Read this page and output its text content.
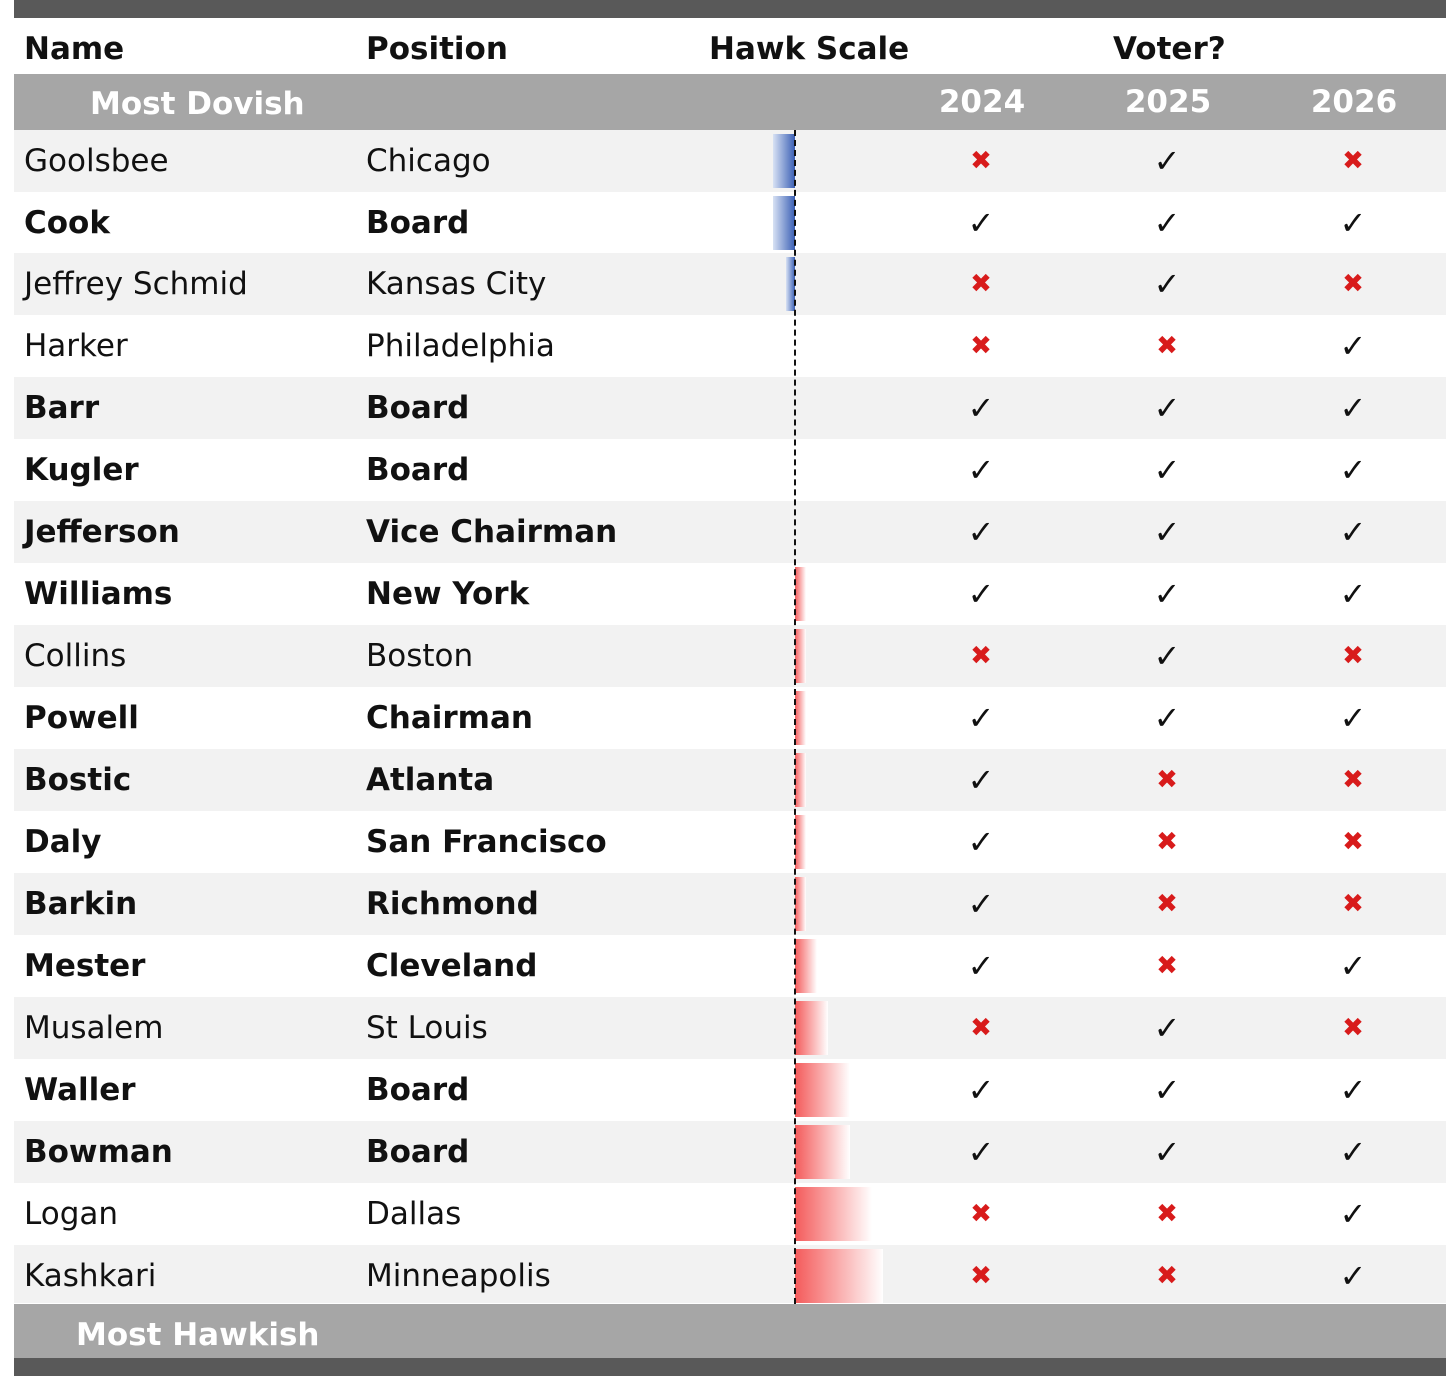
Name	Position	Hawk Scale	Voter?
Most Dovish	2024	2025	2026
Goolsbee	Chicago	✖	✓	✖
Cook	Board	✓	✓	✓
Jeffrey Schmid	Kansas City	✖	✓	✖
Harker	Philadelphia	✖	✖	✓
Barr	Board	✓	✓	✓
Kugler	Board	✓	✓	✓
Jefferson	Vice Chairman	✓	✓	✓
Williams	New York	✓	✓	✓
Collins	Boston	✖	✓	✖
Powell	Chairman	✓	✓	✓
Bostic	Atlanta	✓	✖	✖
Daly	San Francisco	✓	✖	✖
Barkin	Richmond	✓	✖	✖
Mester	Cleveland	✓	✖	✓
Musalem	St Louis	✖	✓	✖
Waller	Board	✓	✓	✓
Bowman	Board	✓	✓	✓
Logan	Dallas	✖	✖	✓
Kashkari	Minneapolis	✖	✖	✓
Most Hawkish
